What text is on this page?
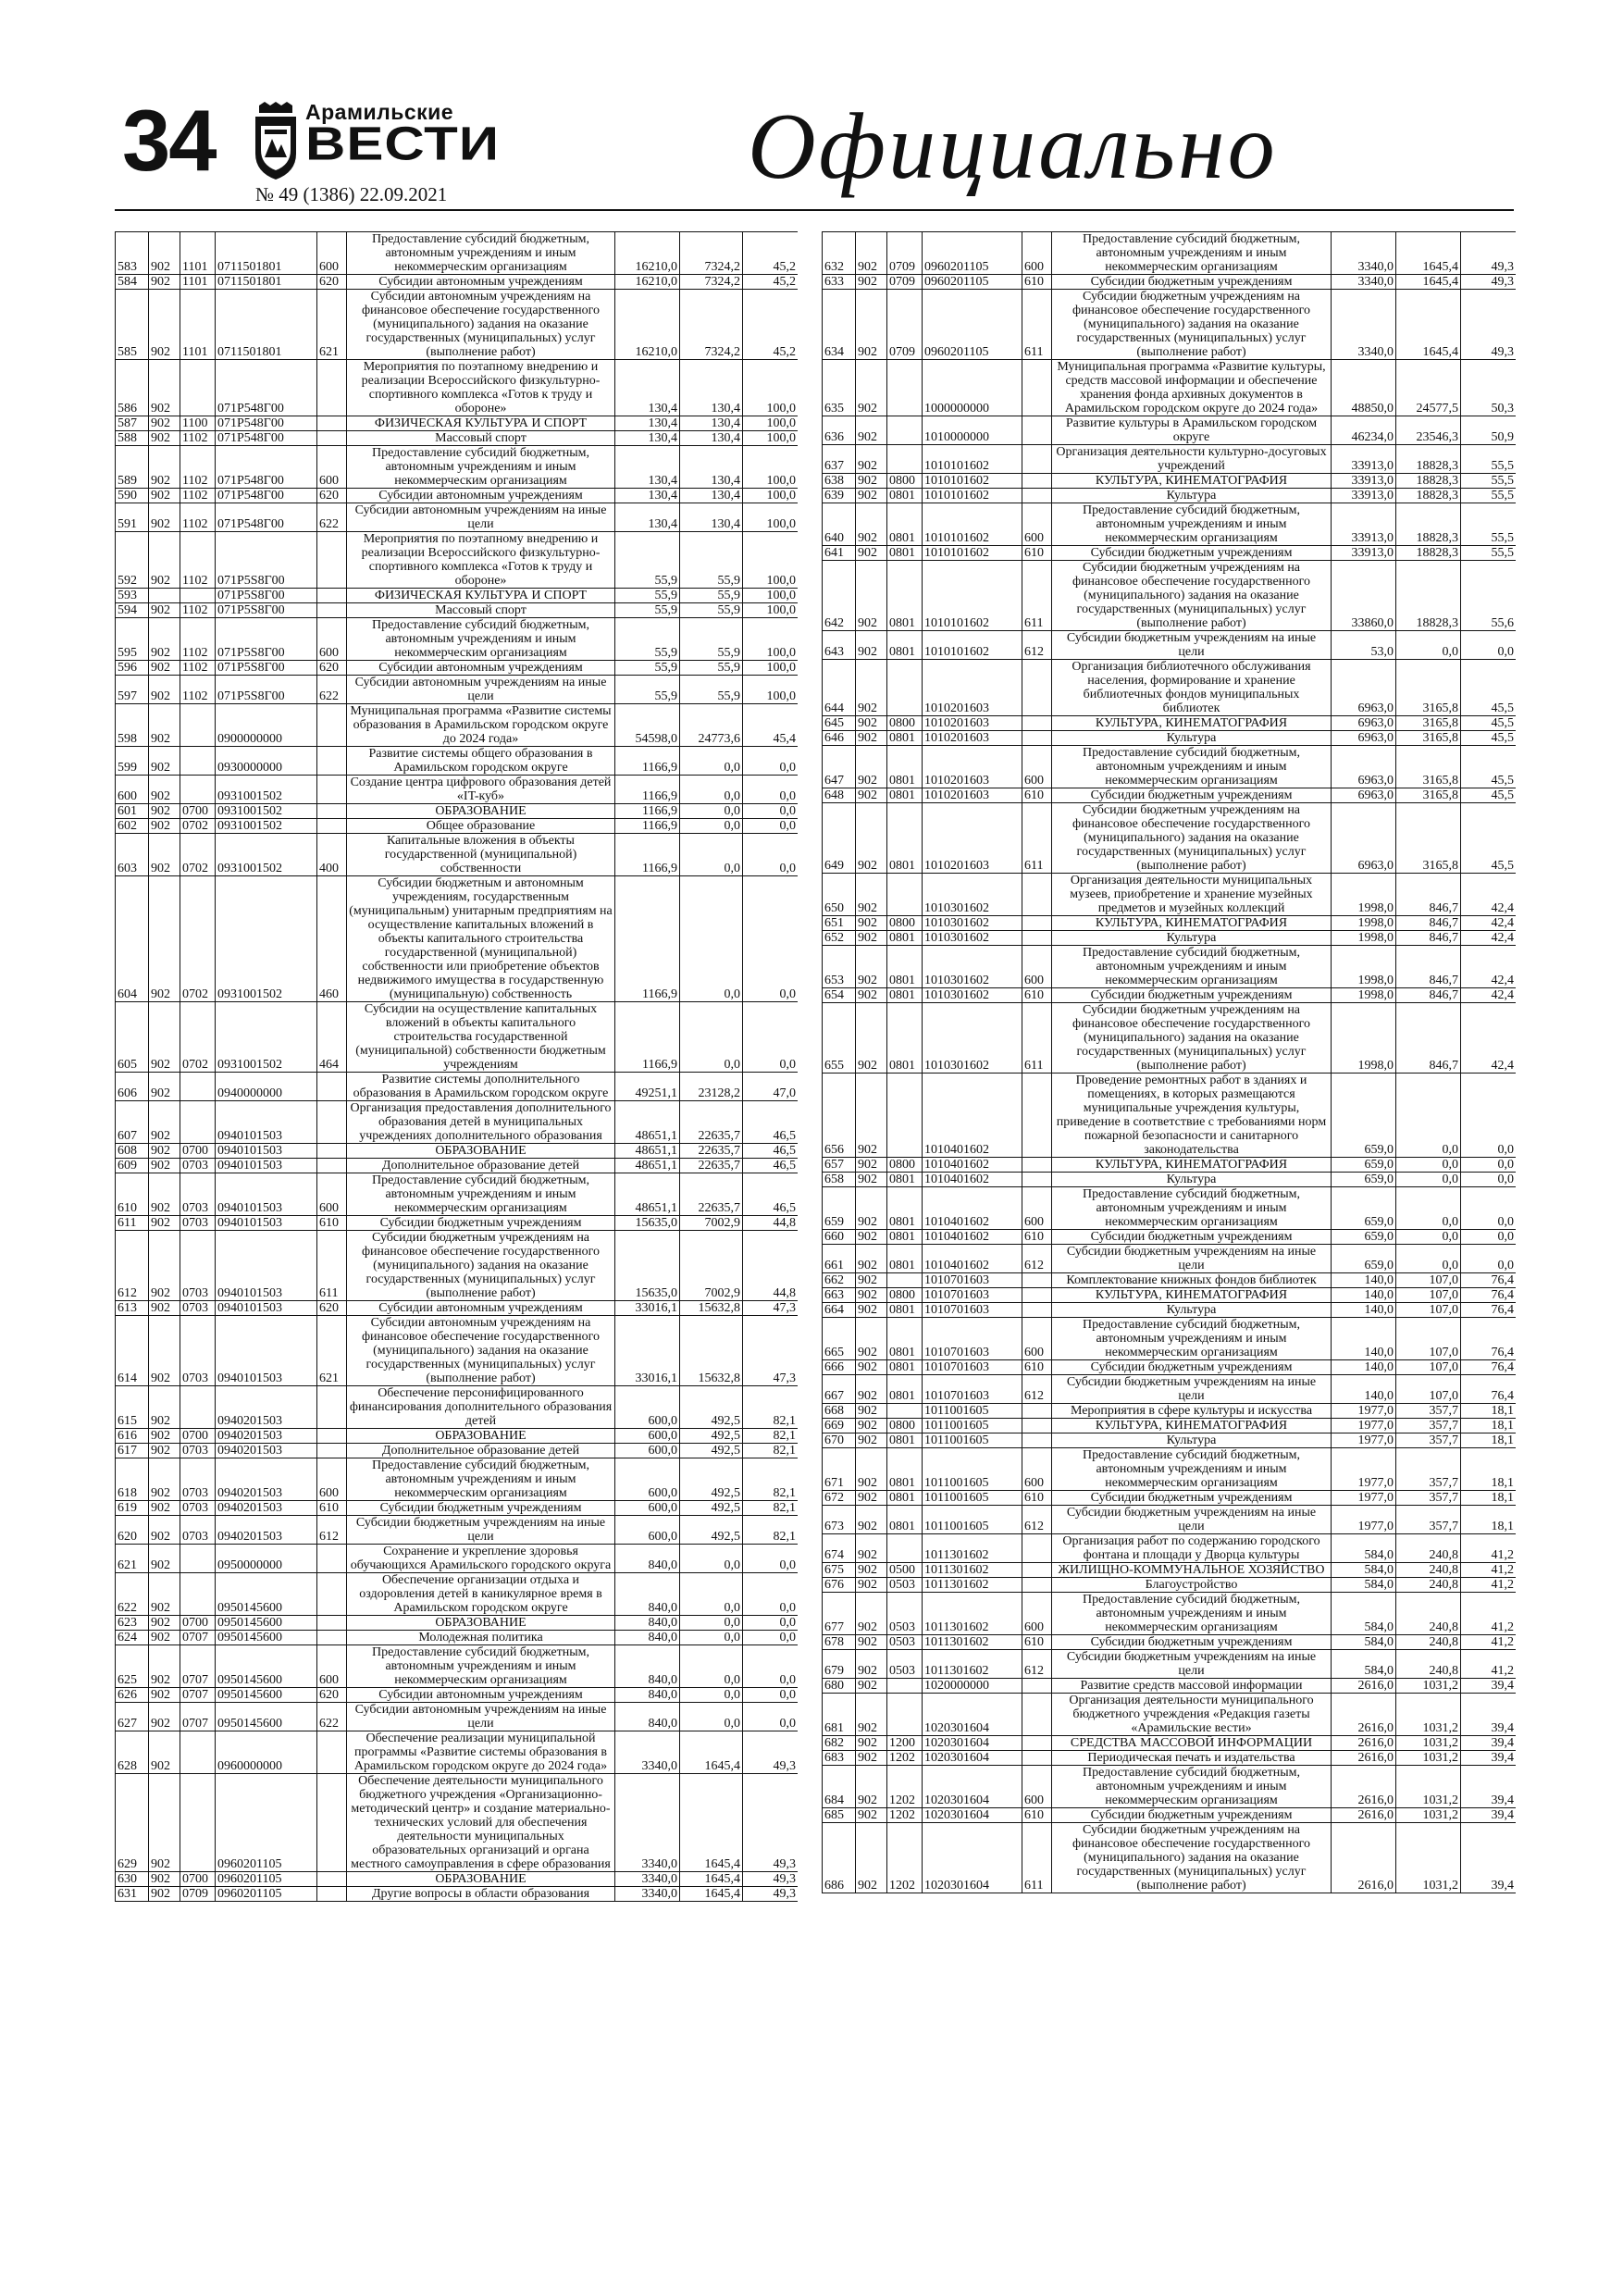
34	Арамильские
ВЕСТИ
№ 49 (1386) 22.09.2021	Официально
583	902	1101	0711501801	600	Предоставление субсидий бюджетным, автономным учреждениям и иным некоммерческим организациям	16210,0	7324,2	45,2
584	902	1101	0711501801	620	Субсидии автономным учреждениям	16210,0	7324,2	45,2
585	902	1101	0711501801	621	Субсидии автономным учреждениям на финансовое обеспечение государственного (муниципального) задания на оказание государственных (муниципальных) услуг (выполнение работ)	16210,0	7324,2	45,2
586	902		071P548Г00		Мероприятия по поэтапному внедрению и реализации Всероссийского физкультурно-спортивного комплекса «Готов к труду и обороне»	130,4	130,4	100,0
587	902	1100	071P548Г00		ФИЗИЧЕСКАЯ КУЛЬТУРА И СПОРТ	130,4	130,4	100,0
588	902	1102	071P548Г00		Массовый спорт	130,4	130,4	100,0
589	902	1102	071P548Г00	600	Предоставление субсидий бюджетным, автономным учреждениям и иным некоммерческим организациям	130,4	130,4	100,0
590	902	1102	071P548Г00	620	Субсидии автономным учреждениям	130,4	130,4	100,0
591	902	1102	071P548Г00	622	Субсидии автономным учреждениям на иные цели	130,4	130,4	100,0
592	902	1102	071P5S8Г00		Мероприятия по поэтапному внедрению и реализации Всероссийского физкультурно-спортивного комплекса «Готов к труду и обороне»	55,9	55,9	100,0
593			071P5S8Г00		ФИЗИЧЕСКАЯ КУЛЬТУРА И СПОРТ	55,9	55,9	100,0
594	902	1102	071P5S8Г00		Массовый спорт	55,9	55,9	100,0
595	902	1102	071P5S8Г00	600	Предоставление субсидий бюджетным, автономным учреждениям и иным некоммерческим организациям	55,9	55,9	100,0
596	902	1102	071P5S8Г00	620	Субсидии автономным учреждениям	55,9	55,9	100,0
597	902	1102	071P5S8Г00	622	Субсидии автономным учреждениям на иные цели	55,9	55,9	100,0
598	902		0900000000		Муниципальная программа «Развитие системы образования в Арамильском городском округе до 2024 года»	54598,0	24773,6	45,4
599	902		0930000000		Развитие системы общего образования в Арамильском городском округе	1166,9	0,0	0,0
600	902		0931001502		Создание центра цифрового образования детей «IT-куб»	1166,9	0,0	0,0
601	902	0700	0931001502		ОБРАЗОВАНИЕ	1166,9	0,0	0,0
602	902	0702	0931001502		Общее образование	1166,9	0,0	0,0
603	902	0702	0931001502	400	Капитальные вложения в объекты государственной (муниципальной) собственности	1166,9	0,0	0,0
604	902	0702	0931001502	460	Субсидии бюджетным и автономным учреждениям, государственным (муниципальным) унитарным предприятиям на осуществление капитальных вложений в объекты капитального строительства государственной (муниципальной) собственности или приобретение объектов недвижимого имущества в государственную (муниципальную) собственность	1166,9	0,0	0,0
605	902	0702	0931001502	464	Субсидии на осуществление капитальных вложений в объекты капитального строительства государственной (муниципальной) собственности бюджетным учреждениям	1166,9	0,0	0,0
606	902		0940000000		Развитие системы дополнительного образования в Арамильском городском округе	49251,1	23128,2	47,0
607	902		0940101503		Организация предоставления дополнительного образования детей в муниципальных учреждениях дополнительного образования	48651,1	22635,7	46,5
608	902	0700	0940101503		ОБРАЗОВАНИЕ	48651,1	22635,7	46,5
609	902	0703	0940101503		Дополнительное образование детей	48651,1	22635,7	46,5
610	902	0703	0940101503	600	Предоставление субсидий бюджетным, автономным учреждениям и иным некоммерческим организациям	48651,1	22635,7	46,5
611	902	0703	0940101503	610	Субсидии бюджетным учреждениям	15635,0	7002,9	44,8
612	902	0703	0940101503	611	Субсидии бюджетным учреждениям на финансовое обеспечение государственного (муниципального) задания на оказание государственных (муниципальных) услуг (выполнение работ)	15635,0	7002,9	44,8
613	902	0703	0940101503	620	Субсидии автономным учреждениям	33016,1	15632,8	47,3
614	902	0703	0940101503	621	Субсидии автономным учреждениям на финансовое обеспечение государственного (муниципального) задания на оказание государственных (муниципальных) услуг (выполнение работ)	33016,1	15632,8	47,3
615	902		0940201503		Обеспечение персонифицированного финансирования дополнительного образования детей	600,0	492,5	82,1
616	902	0700	0940201503		ОБРАЗОВАНИЕ	600,0	492,5	82,1
617	902	0703	0940201503		Дополнительное образование детей	600,0	492,5	82,1
618	902	0703	0940201503	600	Предоставление субсидий бюджетным, автономным учреждениям и иным некоммерческим организациям	600,0	492,5	82,1
619	902	0703	0940201503	610	Субсидии бюджетным учреждениям	600,0	492,5	82,1
620	902	0703	0940201503	612	Субсидии бюджетным учреждениям на иные цели	600,0	492,5	82,1
621	902		0950000000		Сохранение и укрепление здоровья обучающихся Арамильского городского округа	840,0	0,0	0,0
622	902		0950145600		Обеспечение организации отдыха и оздоровления детей в каникулярное время в Арамильском городском округе	840,0	0,0	0,0
623	902	0700	0950145600		ОБРАЗОВАНИЕ	840,0	0,0	0,0
624	902	0707	0950145600		Молодежная политика	840,0	0,0	0,0
625	902	0707	0950145600	600	Предоставление субсидий бюджетным, автономным учреждениям и иным некоммерческим организациям	840,0	0,0	0,0
626	902	0707	0950145600	620	Субсидии автономным учреждениям	840,0	0,0	0,0
627	902	0707	0950145600	622	Субсидии автономным учреждениям на иные цели	840,0	0,0	0,0
628	902		0960000000		Обеспечение реализации муниципальной программы «Развитие системы образования в Арамильском городском округе до 2024 года»	3340,0	1645,4	49,3
629	902		0960201105		Обеспечение деятельности муниципального бюджетного учреждения «Организационно-методический центр» и создание материально-технических условий для обеспечения деятельности муниципальных образовательных организаций и органа местного самоуправления в сфере образования	3340,0	1645,4	49,3
630	902	0700	0960201105		ОБРАЗОВАНИЕ	3340,0	1645,4	49,3
631	902	0709	0960201105		Другие вопросы в области образования	3340,0	1645,4	49,3
632	902	0709	0960201105	600	Предоставление субсидий бюджетным, автономным учреждениям и иным некоммерческим организациям	3340,0	1645,4	49,3
633	902	0709	0960201105	610	Субсидии бюджетным учреждениям	3340,0	1645,4	49,3
634	902	0709	0960201105	611	Субсидии бюджетным учреждениям на финансовое обеспечение государственного (муниципального) задания на оказание государственных (муниципальных) услуг (выполнение работ)	3340,0	1645,4	49,3
635	902		1000000000		Муниципальная программа «Развитие культуры, средств массовой информации и обеспечение хранения фонда архивных документов в Арамильском городском округе до 2024 года»	48850,0	24577,5	50,3
636	902		1010000000		Развитие культуры в Арамильском городском округе	46234,0	23546,3	50,9
637	902		1010101602		Организация деятельности культурно-досуговых учреждений	33913,0	18828,3	55,5
638	902	0800	1010101602		КУЛЬТУРА, КИНЕМАТОГРАФИЯ	33913,0	18828,3	55,5
639	902	0801	1010101602		Культура	33913,0	18828,3	55,5
640	902	0801	1010101602	600	Предоставление субсидий бюджетным, автономным учреждениям и иным некоммерческим организациям	33913,0	18828,3	55,5
641	902	0801	1010101602	610	Субсидии бюджетным учреждениям	33913,0	18828,3	55,5
642	902	0801	1010101602	611	Субсидии бюджетным учреждениям на финансовое обеспечение государственного (муниципального) задания на оказание государственных (муниципальных) услуг (выполнение работ)	33860,0	18828,3	55,6
643	902	0801	1010101602	612	Субсидии бюджетным учреждениям на иные цели	53,0	0,0	0,0
644	902		1010201603		Организация библиотечного обслуживания населения, формирование и хранение библиотечных фондов муниципальных библиотек	6963,0	3165,8	45,5
645	902	0800	1010201603		КУЛЬТУРА, КИНЕМАТОГРАФИЯ	6963,0	3165,8	45,5
646	902	0801	1010201603		Культура	6963,0	3165,8	45,5
647	902	0801	1010201603	600	Предоставление субсидий бюджетным, автономным учреждениям и иным некоммерческим организациям	6963,0	3165,8	45,5
648	902	0801	1010201603	610	Субсидии бюджетным учреждениям	6963,0	3165,8	45,5
649	902	0801	1010201603	611	Субсидии бюджетным учреждениям на финансовое обеспечение государственного (муниципального) задания на оказание государственных (муниципальных) услуг (выполнение работ)	6963,0	3165,8	45,5
650	902		1010301602		Организация деятельности муниципальных музеев, приобретение и хранение музейных предметов и музейных коллекций	1998,0	846,7	42,4
651	902	0800	1010301602		КУЛЬТУРА, КИНЕМАТОГРАФИЯ	1998,0	846,7	42,4
652	902	0801	1010301602		Культура	1998,0	846,7	42,4
653	902	0801	1010301602	600	Предоставление субсидий бюджетным, автономным учреждениям и иным некоммерческим организациям	1998,0	846,7	42,4
654	902	0801	1010301602	610	Субсидии бюджетным учреждениям	1998,0	846,7	42,4
655	902	0801	1010301602	611	Субсидии бюджетным учреждениям на финансовое обеспечение государственного (муниципального) задания на оказание государственных (муниципальных) услуг (выполнение работ)	1998,0	846,7	42,4
656	902		1010401602		Проведение ремонтных работ в зданиях и помещениях, в которых размещаются муниципальные учреждения культуры, приведение в соответствие с требованиями норм пожарной безопасности и санитарного законодательства	659,0	0,0	0,0
657	902	0800	1010401602		КУЛЬТУРА, КИНЕМАТОГРАФИЯ	659,0	0,0	0,0
658	902	0801	1010401602		Культура	659,0	0,0	0,0
659	902	0801	1010401602	600	Предоставление субсидий бюджетным, автономным учреждениям и иным некоммерческим организациям	659,0	0,0	0,0
660	902	0801	1010401602	610	Субсидии бюджетным учреждениям	659,0	0,0	0,0
661	902	0801	1010401602	612	Субсидии бюджетным учреждениям на иные цели	659,0	0,0	0,0
662	902		1010701603		Комплектование книжных фондов библиотек	140,0	107,0	76,4
663	902	0800	1010701603		КУЛЬТУРА, КИНЕМАТОГРАФИЯ	140,0	107,0	76,4
664	902	0801	1010701603		Культура	140,0	107,0	76,4
665	902	0801	1010701603	600	Предоставление субсидий бюджетным, автономным учреждениям и иным некоммерческим организациям	140,0	107,0	76,4
666	902	0801	1010701603	610	Субсидии бюджетным учреждениям	140,0	107,0	76,4
667	902	0801	1010701603	612	Субсидии бюджетным учреждениям на иные цели	140,0	107,0	76,4
668	902		1011001605		Мероприятия в сфере культуры и искусства	1977,0	357,7	18,1
669	902	0800	1011001605		КУЛЬТУРА, КИНЕМАТОГРАФИЯ	1977,0	357,7	18,1
670	902	0801	1011001605		Культура	1977,0	357,7	18,1
671	902	0801	1011001605	600	Предоставление субсидий бюджетным, автономным учреждениям и иным некоммерческим организациям	1977,0	357,7	18,1
672	902	0801	1011001605	610	Субсидии бюджетным учреждениям	1977,0	357,7	18,1
673	902	0801	1011001605	612	Субсидии бюджетным учреждениям на иные цели	1977,0	357,7	18,1
674	902		1011301602		Организация работ по содержанию городского фонтана и площади у Дворца культуры	584,0	240,8	41,2
675	902	0500	1011301602		ЖИЛИЩНО-КОММУНАЛЬНОЕ ХОЗЯЙСТВО	584,0	240,8	41,2
676	902	0503	1011301602		Благоустройство	584,0	240,8	41,2
677	902	0503	1011301602	600	Предоставление субсидий бюджетным, автономным учреждениям и иным некоммерческим организациям	584,0	240,8	41,2
678	902	0503	1011301602	610	Субсидии бюджетным учреждениям	584,0	240,8	41,2
679	902	0503	1011301602	612	Субсидии бюджетным учреждениям на иные цели	584,0	240,8	41,2
680	902		1020000000		Развитие средств массовой информации	2616,0	1031,2	39,4
681	902		1020301604		Организация деятельности муниципального бюджетного учреждения «Редакция газеты «Арамильские вести»	2616,0	1031,2	39,4
682	902	1200	1020301604		СРЕДСТВА МАССОВОЙ ИНФОРМАЦИИ	2616,0	1031,2	39,4
683	902	1202	1020301604		Периодическая печать и издательства	2616,0	1031,2	39,4
684	902	1202	1020301604	600	Предоставление субсидий бюджетным, автономным учреждениям и иным некоммерческим организациям	2616,0	1031,2	39,4
685	902	1202	1020301604	610	Субсидии бюджетным учреждениям	2616,0	1031,2	39,4
686	902	1202	1020301604	611	Субсидии бюджетным учреждениям на финансовое обеспечение государственного (муниципального) задания на оказание государственных (муниципальных) услуг (выполнение работ)	2616,0	1031,2	39,4
